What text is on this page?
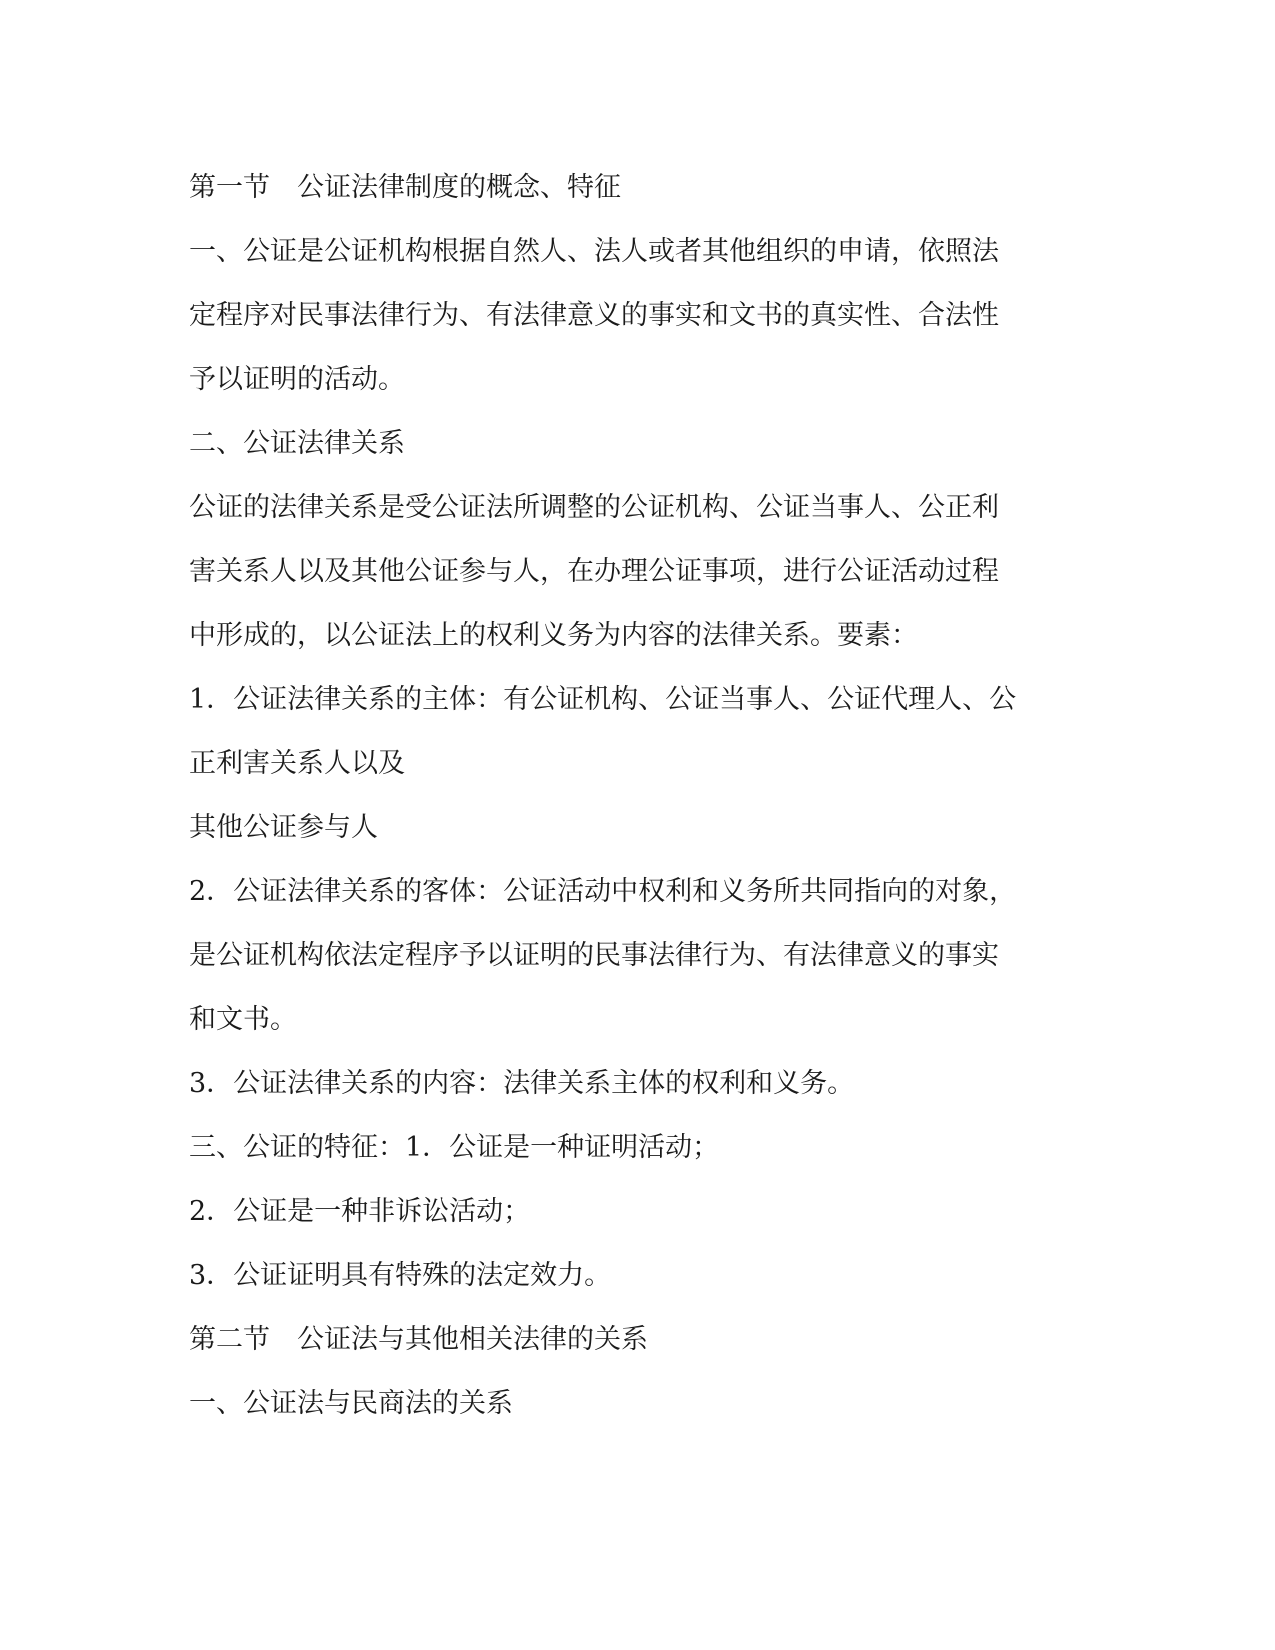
第一节　公证法律制度的概念、特征

一、公证是公证机构根据自然人、法人或者其他组织的申请，依照法

定程序对民事法律行为、有法律意义的事实和文书的真实性、合法性

予以证明的活动。

二、公证法律关系

公证的法律关系是受公证法所调整的公证机构、公证当事人、公正利

害关系人以及其他公证参与人，在办理公证事项，进行公证活动过程

中形成的，以公证法上的权利义务为内容的法律关系。要素：

1．公证法律关系的主体：有公证机构、公证当事人、公证代理人、公

正利害关系人以及

其他公证参与人

2．公证法律关系的客体：公证活动中权利和义务所共同指向的对象，

是公证机构依法定程序予以证明的民事法律行为、有法律意义的事实

和文书。

3．公证法律关系的内容：法律关系主体的权利和义务。

三、公证的特征：1．公证是一种证明活动；

2．公证是一种非诉讼活动；

3．公证证明具有特殊的法定效力。

第二节　公证法与其他相关法律的关系

一、公证法与民商法的关系
